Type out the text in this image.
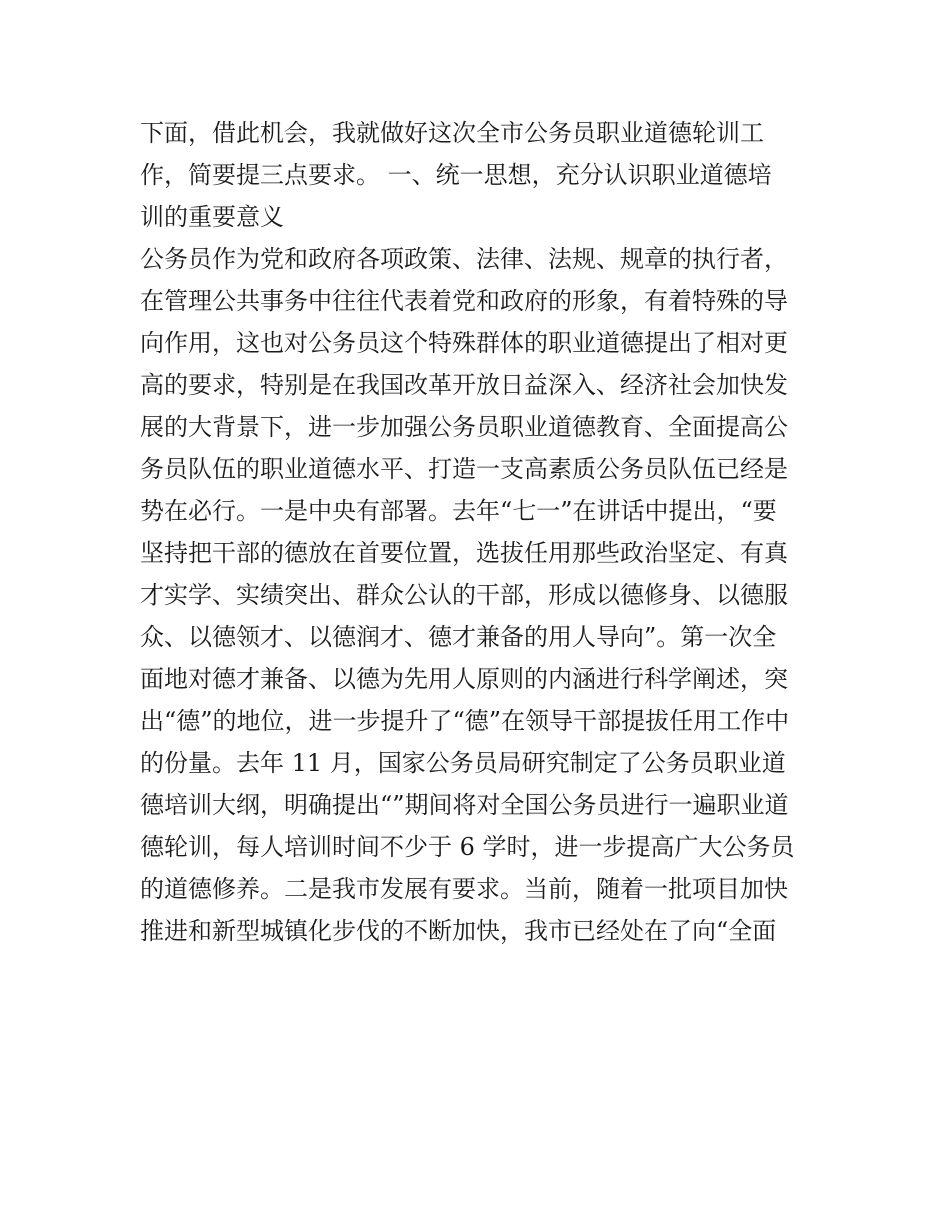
下面，借此机会，我就做好这次全市公务员职业道德轮训工
作，简要提三点要求。 一、统一思想，充分认识职业道德培
训的重要意义

公务员作为党和政府各项政策、法律、法规、规章的执行者，
在管理公共事务中往往代表着党和政府的形象，有着特殊的导
向作用，这也对公务员这个特殊群体的职业道德提出了相对更
高的要求，特别是在我国改革开放日益深入、经济社会加快发
展的大背景下，进一步加强公务员职业道德教育、全面提高公
务员队伍的职业道德水平、打造一支高素质公务员队伍已经是
势在必行。一是中央有部署。去年“七一”在讲话中提出，“要
坚持把干部的德放在首要位置，选拔任用那些政治坚定、有真
才实学、实绩突出、群众公认的干部，形成以德修身、以德服
众、以德领才、以德润才、德才兼备的用人导向”。第一次全
面地对德才兼备、以德为先用人原则的内涵进行科学阐述，突
出“德”的地位，进一步提升了“德”在领导干部提拔任用工作中
的份量。去年 11 月，国家公务员局研究制定了公务员职业道
德培训大纲，明确提出“”期间将对全国公务员进行一遍职业道
德轮训，每人培训时间不少于 6 学时，进一步提高广大公务员
的道德修养。二是我市发展有要求。当前，随着一批项目加快
推进和新型城镇化步伐的不断加快，我市已经处在了向“全面
